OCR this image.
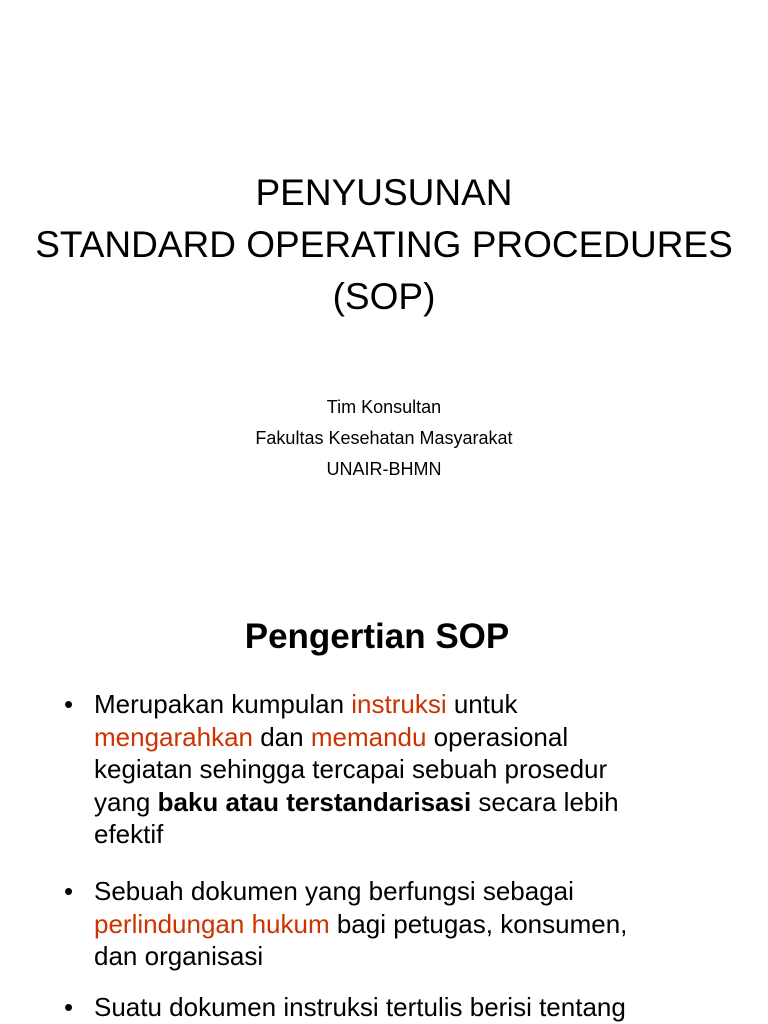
PENYUSUNAN
STANDARD OPERATING PROCEDURES
(SOP)
Tim Konsultan
Fakultas Kesehatan Masyarakat
UNAIR-BHMN
Pengertian SOP
• Merupakan kumpulan instruksi untuk
mengarahkan dan memandu operasional
kegiatan sehingga tercapai sebuah prosedur
yang baku atau terstandarisasi secara lebih
efektif
• Sebuah dokumen yang berfungsi sebagai
perlindungan hukum bagi petugas, konsumen,
dan organisasi
• Suatu dokumen instruksi tertulis berisi tentang
